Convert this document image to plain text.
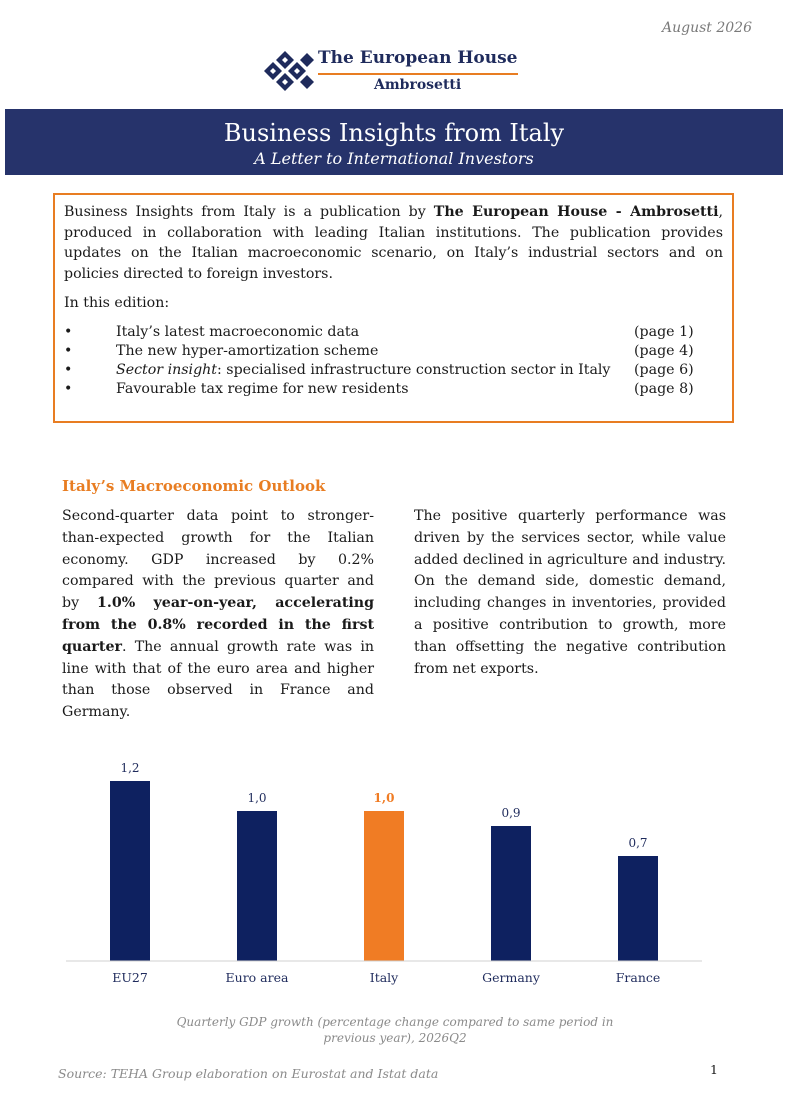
August 2026
The European House
Ambrosetti
Business Insights from Italy
A Letter to International Investors

Business Insights from Italy is a publication by The European House - Ambrosetti, produced in collaboration with leading Italian institutions. The publication provides updates on the Italian macroeconomic scenario, on Italy’s industrial sectors and on policies directed to foreign investors.

In this edition:

•	Italy’s latest macroeconomic data	(page 1)
•	The new hyper-amortization scheme	(page 4)
•	Sector insight: specialised infrastructure construction sector in Italy (page 6)
•	Favourable tax regime for new residents	(page 8)
Italy’s Macroeconomic Outlook

Second-quarter data point to stronger-than-expected growth for the Italian economy. GDP increased by 0.2% compared with the previous quarter and by 1.0% year-on-year, accelerating from the 0.8% recorded in the first quarter. The annual growth rate was in line with that of the euro area and higher than those observed in France and Germany.

The positive quarterly performance was driven by the services sector, while value added declined in agriculture and industry. On the demand side, domestic demand, including changes in inventories, provided a positive contribution to growth, more than offsetting the negative contribution from net exports.

1,2
EU27
1,0
Euro area
1,0
Italy
0,9
Germany
0,7
France
Quarterly GDP growth (percentage change compared to same period in previous year), 2026Q2
Source: TEHA Group elaboration on Eurostat and Istat data	1
